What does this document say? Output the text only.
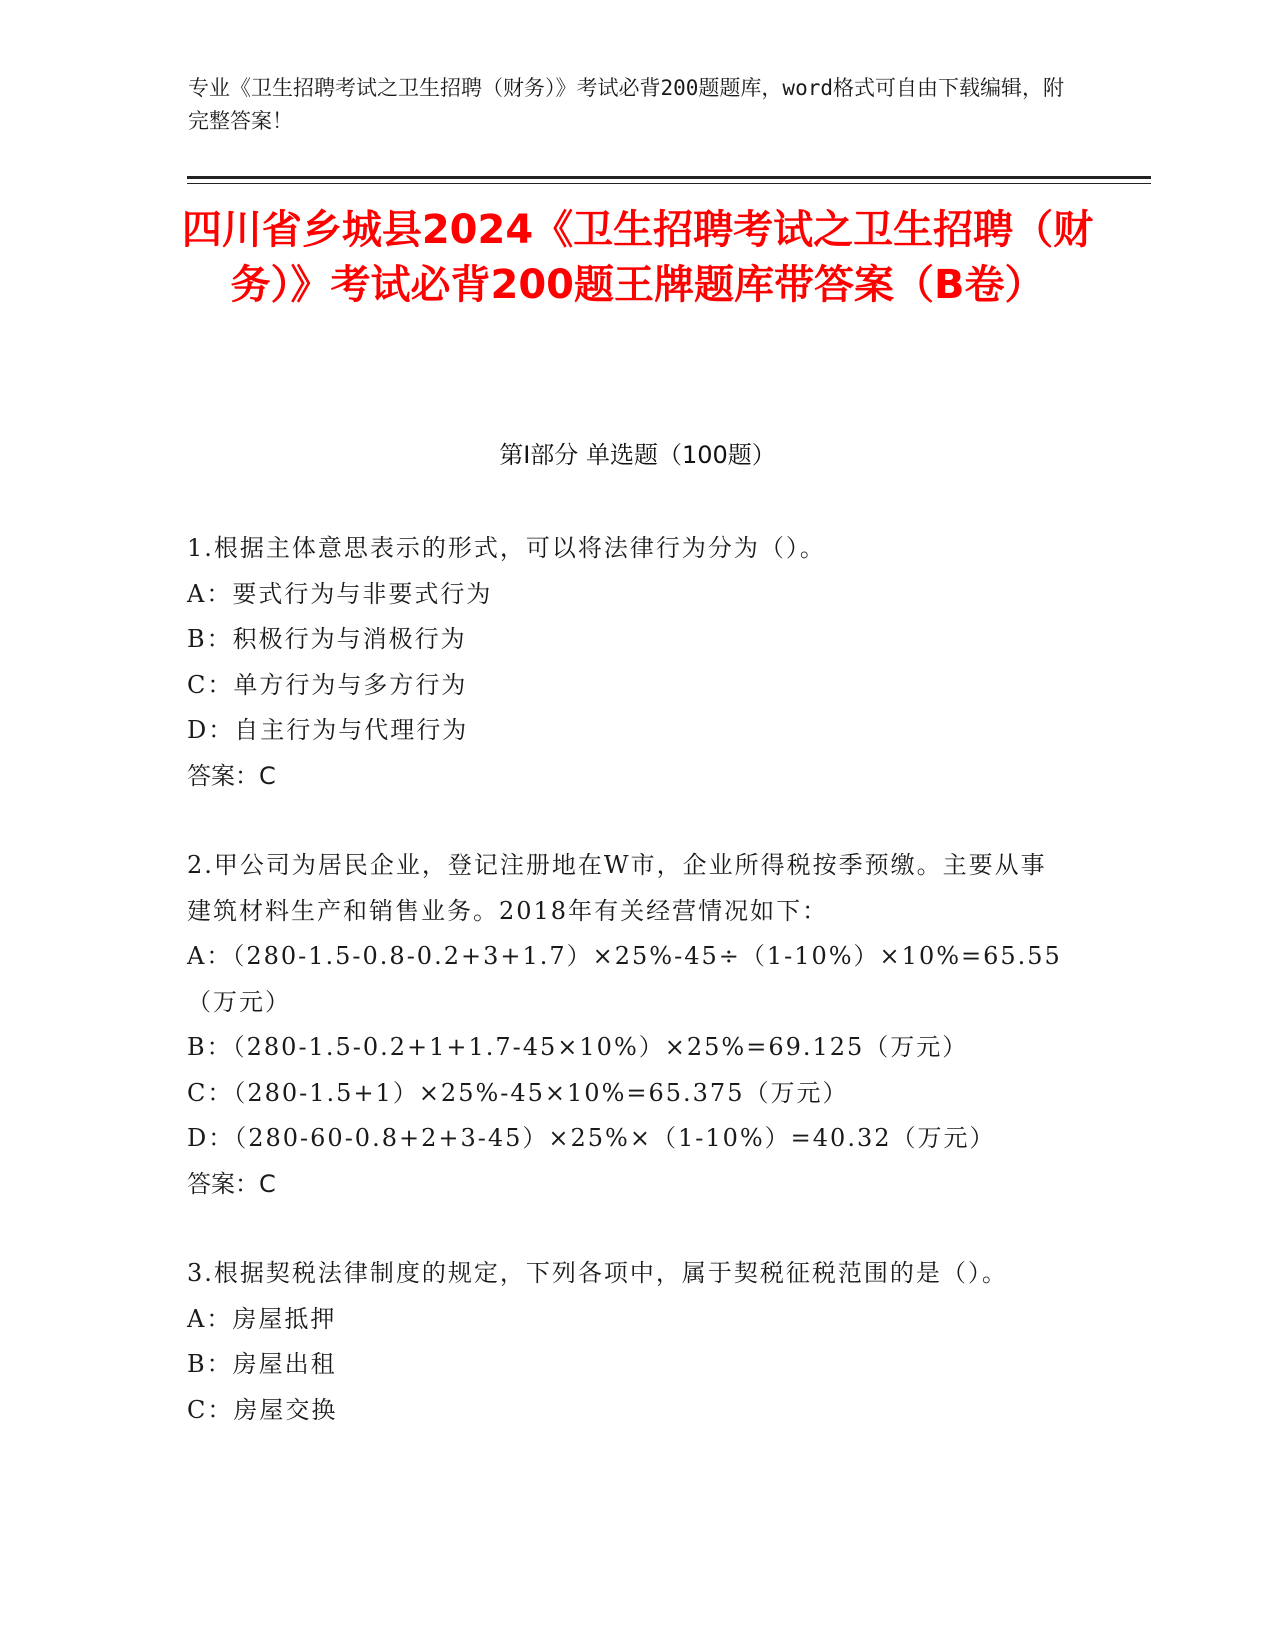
专业《卫生招聘考试之卫生招聘（财务）》考试必背200题题库，word格式可自由下载编辑，附完整答案！
四川省乡城县2024《卫生招聘考试之卫生招聘（财务）》考试必背200题王牌题库带答案（B卷）
第I部分 单选题（100题）
1.根据主体意思表示的形式，可以将法律行为分为（）。
A：要式行为与非要式行为
B：积极行为与消极行为
C：单方行为与多方行为
D：自主行为与代理行为
答案：C
2.甲公司为居民企业，登记注册地在W市，企业所得税按季预缴。主要从事建筑材料生产和销售业务。2018年有关经营情况如下：
A：（280-1.5-0.8-0.2+3+1.7）×25%-45÷（1-10%）×10%=65.55（万元）
B：（280-1.5-0.2+1+1.7-45×10%）×25%=69.125（万元）
C：（280-1.5+1）×25%-45×10%=65.375（万元）
D：（280-60-0.8+2+3-45）×25%×（1-10%）=40.32（万元）
答案：C
3.根据契税法律制度的规定，下列各项中，属于契税征税范围的是（）。
A：房屋抵押
B：房屋出租
C：房屋交换
